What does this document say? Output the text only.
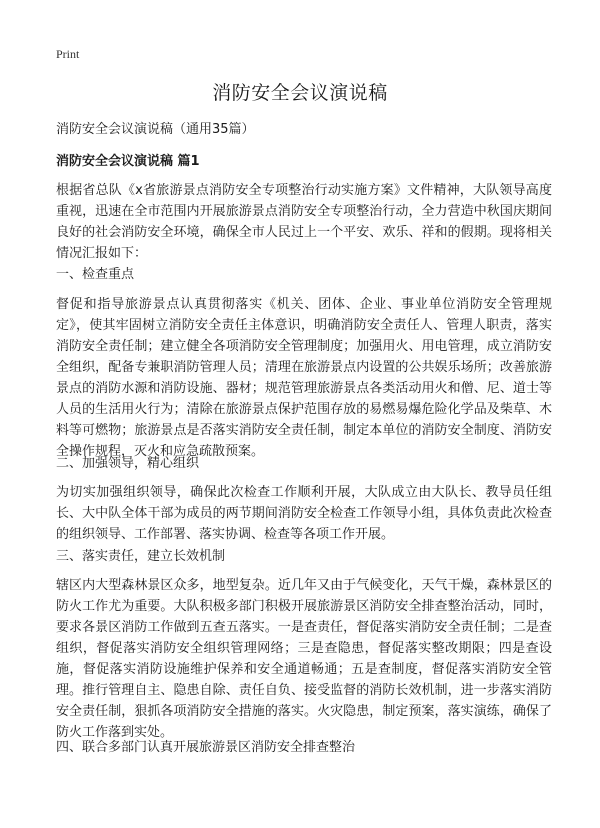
Print
消防安全会议演说稿
消防安全会议演说稿（通用35篇）
消防安全会议演说稿 篇1

根据省总队《x省旅游景点消防安全专项整治行动实施方案》文件精神，大队领导高度重视，迅速在全市范围内开展旅游景点消防安全专项整治行动，全力营造中秋国庆期间良好的社会消防安全环境，确保全市人民过上一个平安、欢乐、祥和的假期。现将相关情况汇报如下：

一、检查重点

督促和指导旅游景点认真贯彻落实《机关、团体、企业、事业单位消防安全管理规定》，使其牢固树立消防安全责任主体意识，明确消防安全责任人、管理人职责，落实消防安全责任制；建立健全各项消防安全管理制度；加强用火、用电管理，成立消防安全组织，配备专兼职消防管理人员；清理在旅游景点内设置的公共娱乐场所；改善旅游景点的消防水源和消防设施、器材；规范管理旅游景点各类活动用火和僧、尼、道士等人员的生活用火行为；清除在旅游景点保护范围存放的易燃易爆危险化学品及柴草、木料等可燃物；旅游景点是否落实消防安全责任制，制定本单位的消防安全制度、消防安全操作规程，灭火和应急疏散预案。

二、加强领导，精心组织

为切实加强组织领导，确保此次检查工作顺利开展，大队成立由大队长、教导员任组长、大中队全体干部为成员的两节期间消防安全检查工作领导小组，具体负责此次检查的组织领导、工作部署、落实协调、检查等各项工作开展。

三、落实责任，建立长效机制

辖区内大型森林景区众多，地型复杂。近几年又由于气候变化，天气干燥，森林景区的防火工作尤为重要。大队积极多部门积极开展旅游景区消防安全排查整治活动，同时，要求各景区消防工作做到五查五落实。一是查责任，督促落实消防安全责任制；二是查组织，督促落实消防安全组织管理网络；三是查隐患，督促落实整改期限；四是查设施，督促落实消防设施维护保养和安全通道畅通；五是查制度，督促落实消防安全管理。推行管理自主、隐患自除、责任自负、接受监督的消防长效机制，进一步落实消防安全责任制，狠抓各项消防安全措施的落实。火灾隐患，制定预案，落实演练，确保了防火工作落到实处。

四、联合多部门认真开展旅游景区消防安全排查整治
